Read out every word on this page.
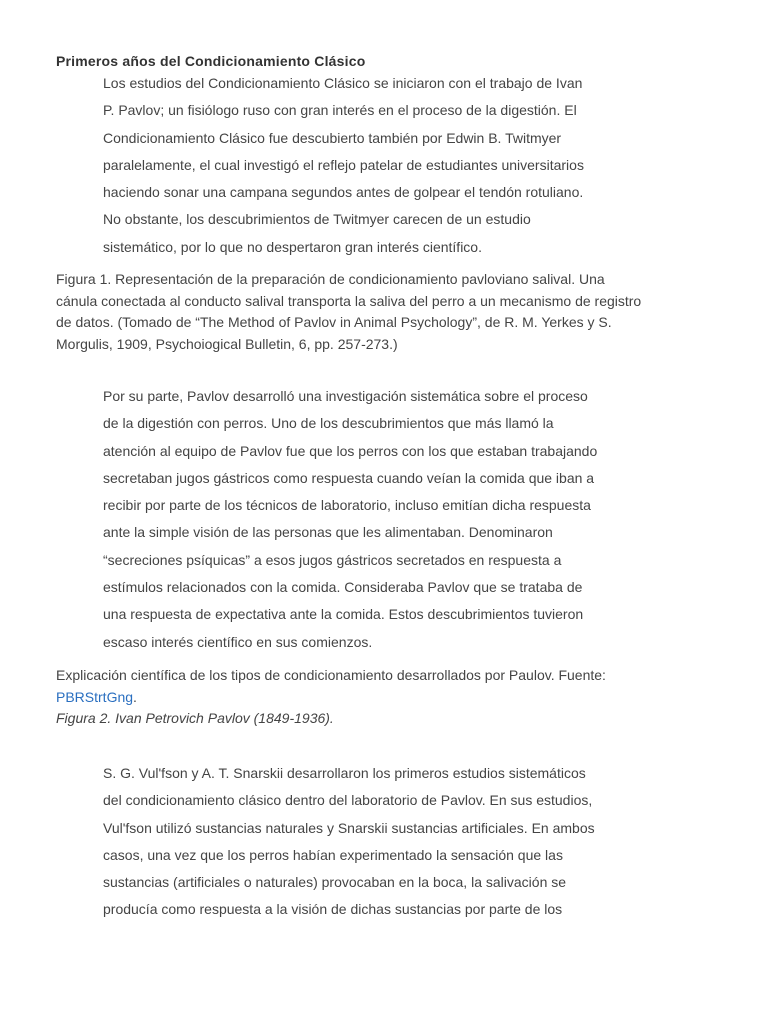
Primeros años del Condicionamiento Clásico
Los estudios del Condicionamiento Clásico se iniciaron con el trabajo de Ivan
P. Pavlov; un fisiólogo ruso con gran interés en el proceso de la digestión. El
Condicionamiento Clásico fue descubierto también por Edwin B. Twitmyer
paralelamente, el cual investigó el reflejo patelar de estudiantes universitarios
haciendo sonar una campana segundos antes de golpear el tendón rotuliano.
No obstante, los descubrimientos de Twitmyer carecen de un estudio
sistemático, por lo que no despertaron gran interés científico.
Figura 1. Representación de la preparación de condicionamiento pavloviano salival. Una
cánula conectada al conducto salival transporta la saliva del perro a un mecanismo de registro
de datos. (Tomado de “The Method of Pavlov in Animal Psychology”, de R. M. Yerkes y S.
Morgulis, 1909, Psychoiogical Bulletin, 6, pp. 257-273.)
Por su parte, Pavlov desarrolló una investigación sistemática sobre el proceso
de la digestión con perros. Uno de los descubrimientos que más llamó la
atención al equipo de Pavlov fue que los perros con los que estaban trabajando
secretaban jugos gástricos como respuesta cuando veían la comida que iban a
recibir por parte de los técnicos de laboratorio, incluso emitían dicha respuesta
ante la simple visión de las personas que les alimentaban. Denominaron
“secreciones psíquicas” a esos jugos gástricos secretados en respuesta a
estímulos relacionados con la comida. Consideraba Pavlov que se trataba de
una respuesta de expectativa ante la comida. Estos descubrimientos tuvieron
escaso interés científico en sus comienzos.
Explicación científica de los tipos de condicionamiento desarrollados por Paulov. Fuente:
PBRStrtGng.
Figura 2. Ivan Petrovich Pavlov (1849-1936).
S. G. Vul'fson y A. T. Snarskii desarrollaron los primeros estudios sistemáticos
del condicionamiento clásico dentro del laboratorio de Pavlov. En sus estudios,
Vul'fson utilizó sustancias naturales y Snarskii sustancias artificiales. En ambos
casos, una vez que los perros habían experimentado la sensación que las
sustancias (artificiales o naturales) provocaban en la boca, la salivación se
producía como respuesta a la visión de dichas sustancias por parte de los
